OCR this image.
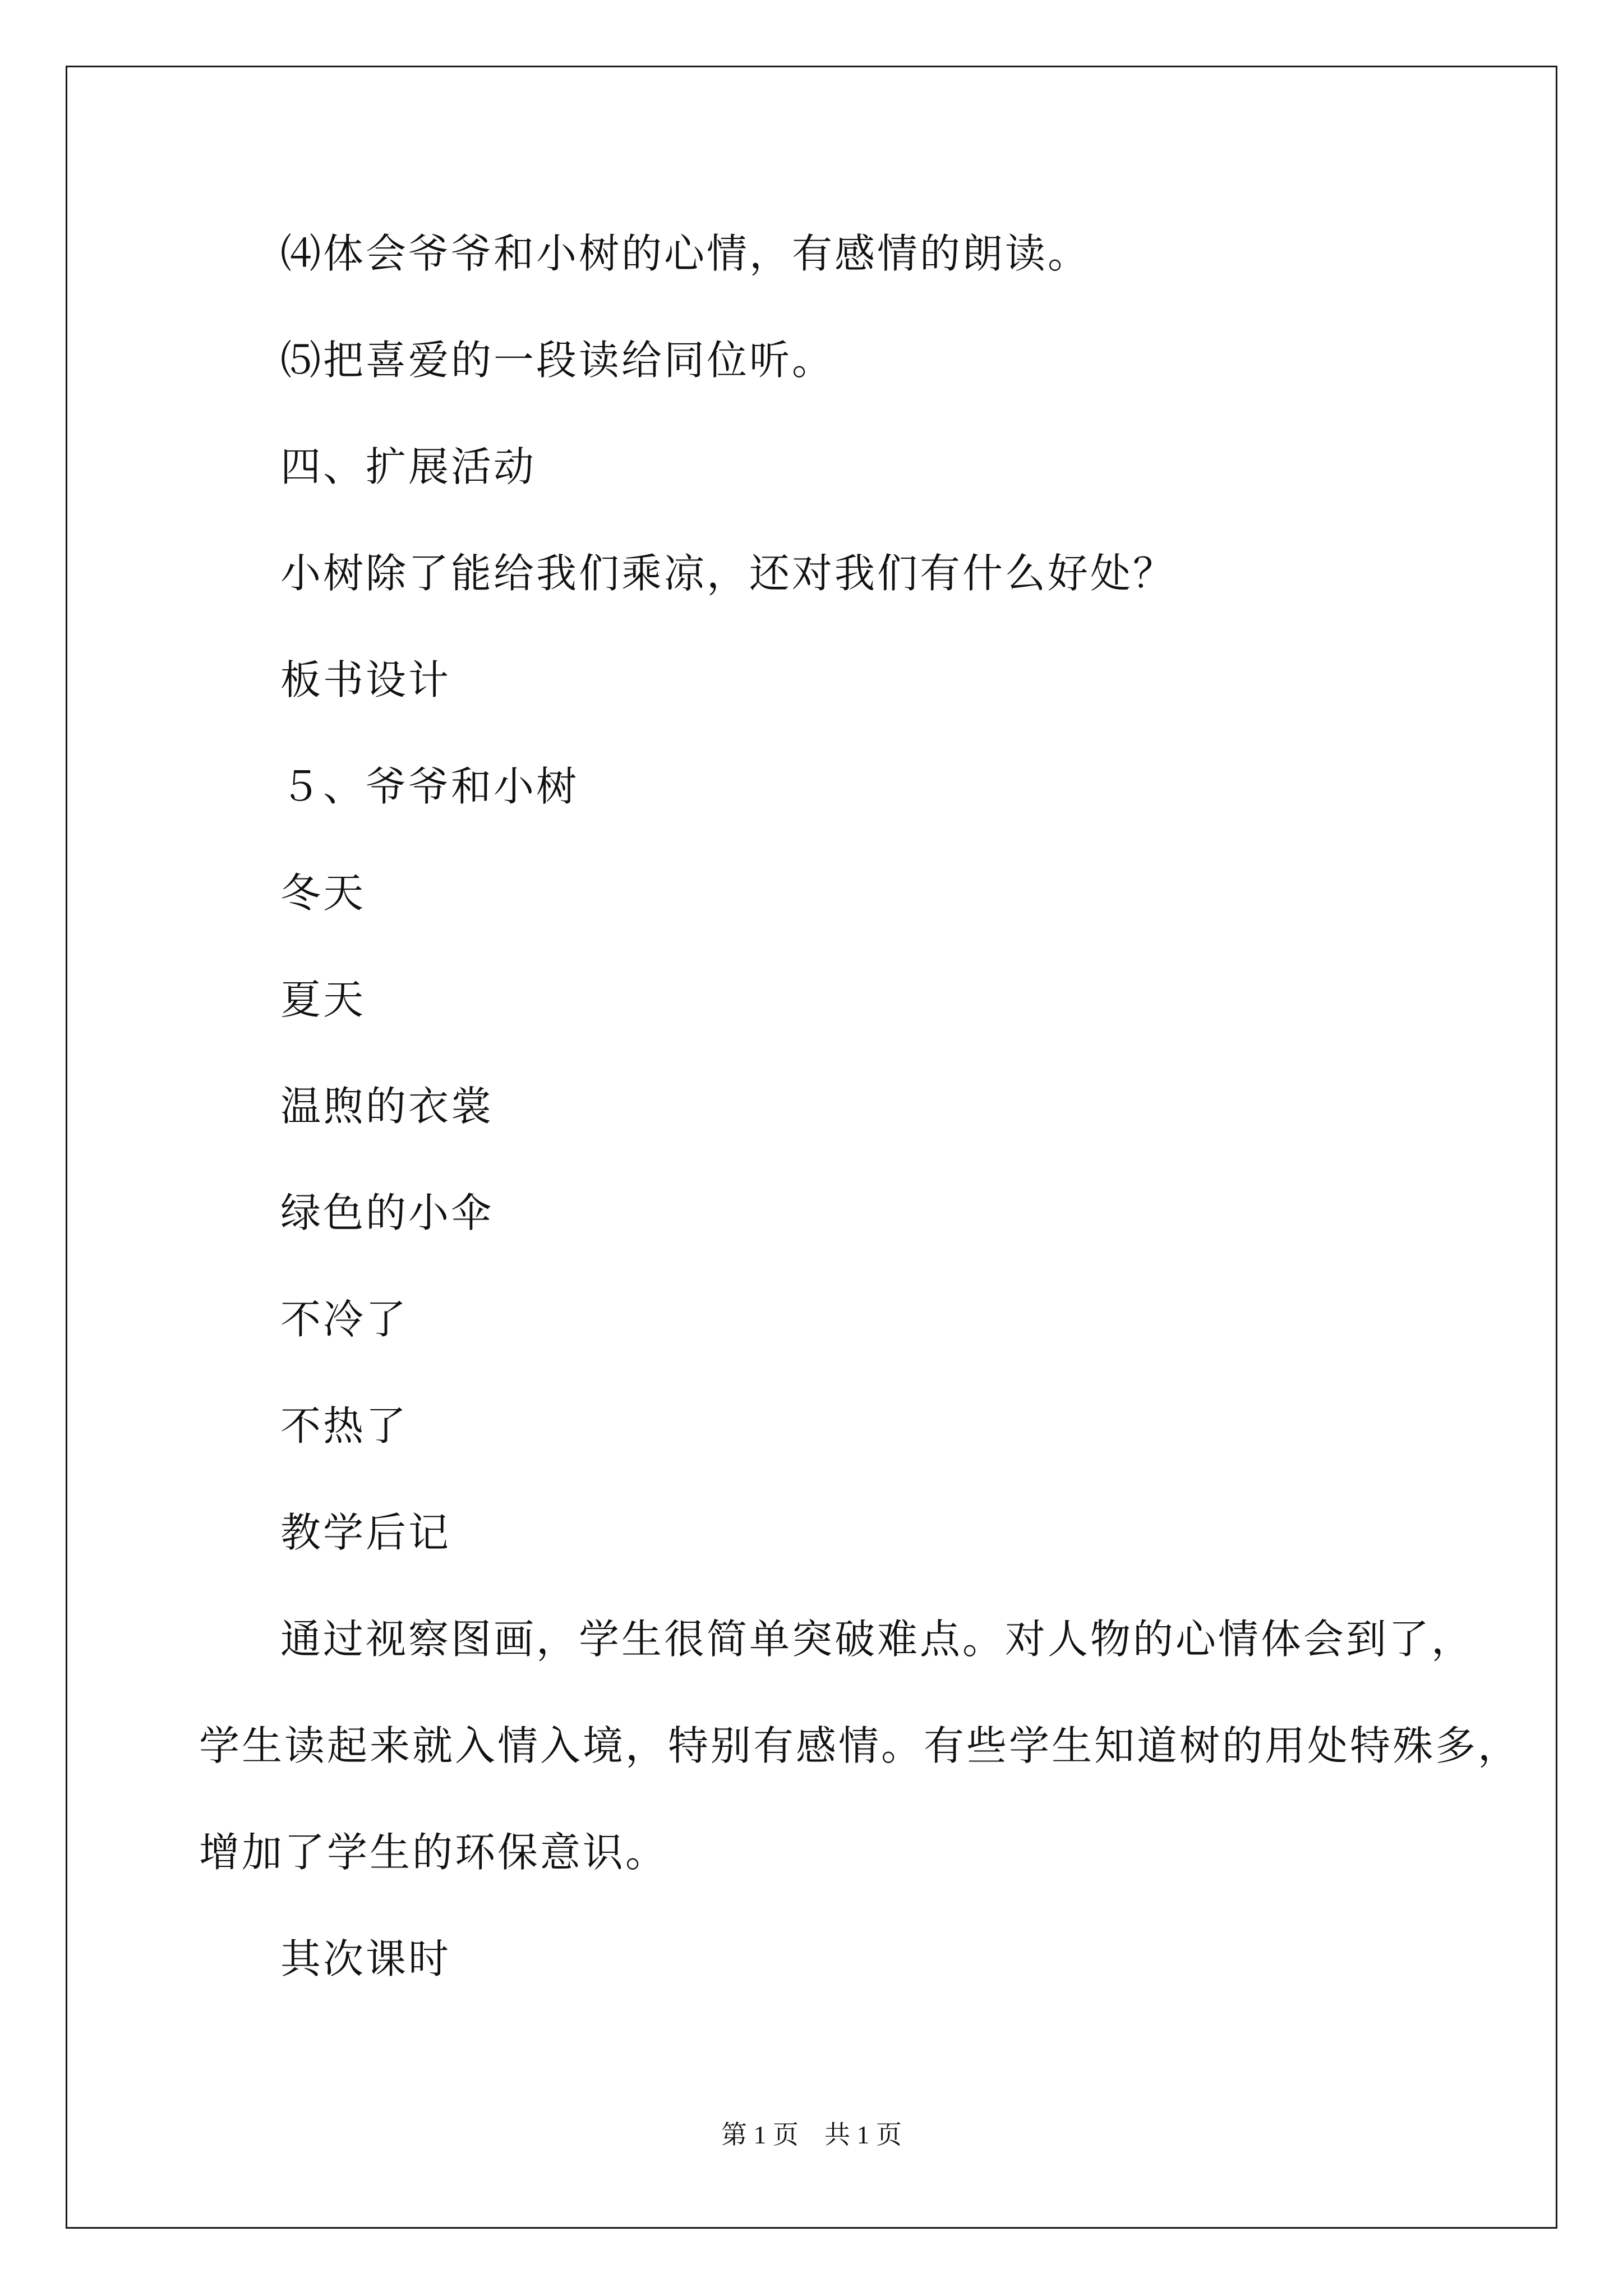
⑷体会爷爷和小树的心情，有感情的朗读。
⑸把喜爱的一段读给同位听。
四、扩展活动
小树除了能给我们乘凉，还对我们有什么好处？
板书设计
５、爷爷和小树
冬天
夏天
温煦的衣裳
绿色的小伞
不冷了
不热了
教学后记
通过视察图画，学生很简单突破难点。对人物的心情体会到了，
学生读起来就入情入境，特别有感情。有些学生知道树的用处特殊多，
增加了学生的环保意识。
其次课时
第 1 页　共 1 页
